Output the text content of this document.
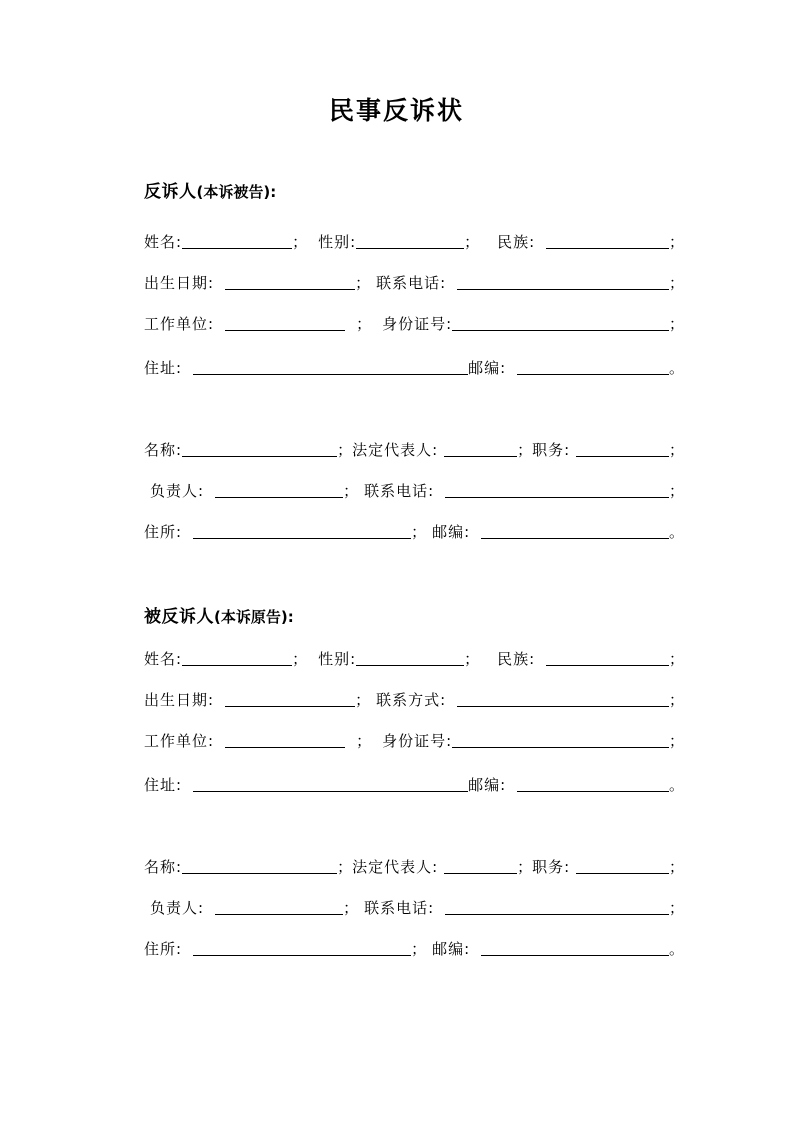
民事反诉状
反诉人(本诉被告):
姓名:	； 性别:	； 民族:	；
出生日期:	； 联系电话:	；
工作单位:	； 身份证号:	；
住址:	邮编:	。
名称:	； 法定代表人:	； 职务:	；
负责人:	； 联系电话:	；
住所:	； 邮编:	。
被反诉人(本诉原告):
姓名:	； 性别:	； 民族:	；
出生日期:	； 联系方式:	；
工作单位:	； 身份证号:	；
住址:	邮编:	。
名称:	； 法定代表人:	； 职务:	；
负责人:	； 联系电话:	；
住所:	； 邮编:	。
